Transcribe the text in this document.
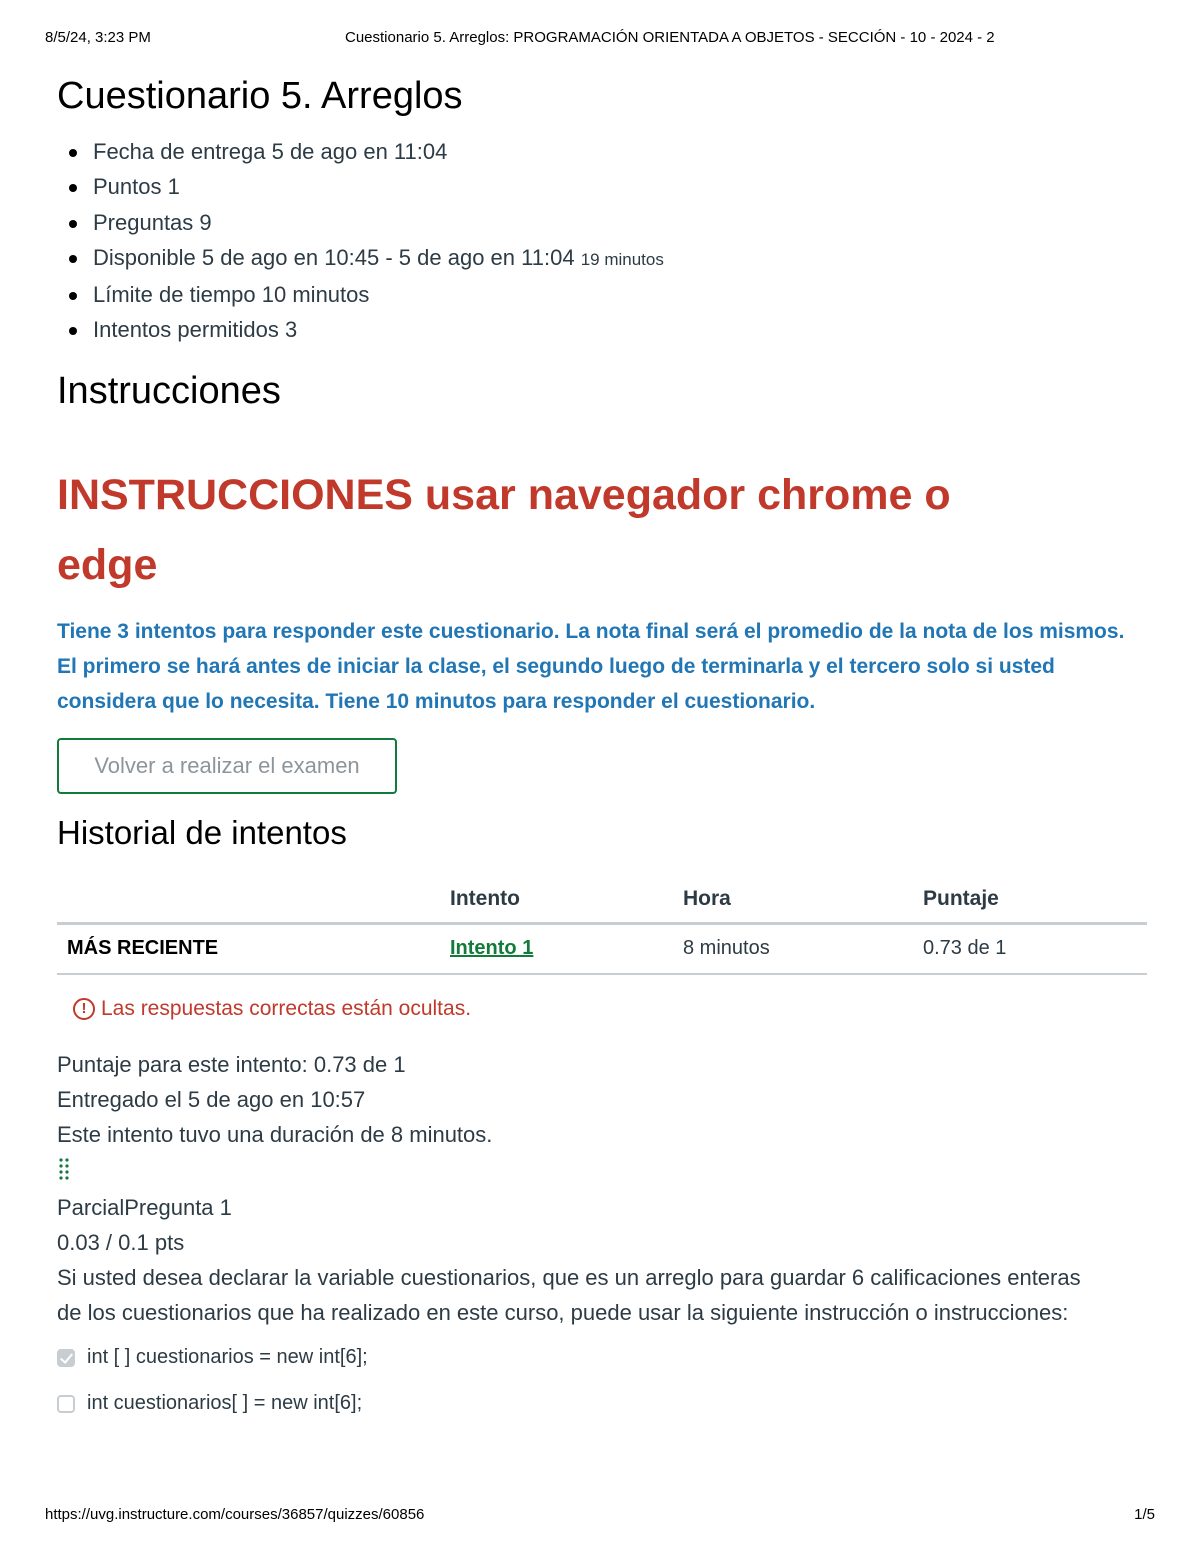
8/5/24, 3:23 PM	Cuestionario 5. Arreglos: PROGRAMACIÓN ORIENTADA A OBJETOS - SECCIÓN - 10 - 2024 - 2
Cuestionario 5. Arreglos
Fecha de entrega 5 de ago en 11:04
Puntos 1
Preguntas 9
Disponible 5 de ago en 10:45 - 5 de ago en 11:04 19 minutos
Límite de tiempo 10 minutos
Intentos permitidos 3
Instrucciones
INSTRUCCIONES usar navegador chrome o
edge
Tiene 3 intentos para responder este cuestionario. La nota final será el promedio de la nota de los mismos. El primero se hará antes de iniciar la clase, el segundo luego de terminarla y el tercero solo si usted considera que lo necesita. Tiene 10 minutos para responder el cuestionario.
Volver a realizar el examen
Historial de intentos
	Intento	Hora	Puntaje
MÁS RECIENTE	Intento 1	8 minutos	0.73 de 1
! Las respuestas correctas están ocultas.
Puntaje para este intento: 0.73 de 1
Entregado el 5 de ago en 10:57
Este intento tuvo una duración de 8 minutos.
ParcialPregunta 1
0.03 / 0.1 pts
Si usted desea declarar la variable cuestionarios, que es un arreglo para guardar 6 calificaciones enteras de los cuestionarios que ha realizado en este curso, puede usar la siguiente instrucción o instrucciones:
int [ ] cuestionarios = new int[6];
int cuestionarios[ ] = new int[6];
https://uvg.instructure.com/courses/36857/quizzes/60856	1/5
